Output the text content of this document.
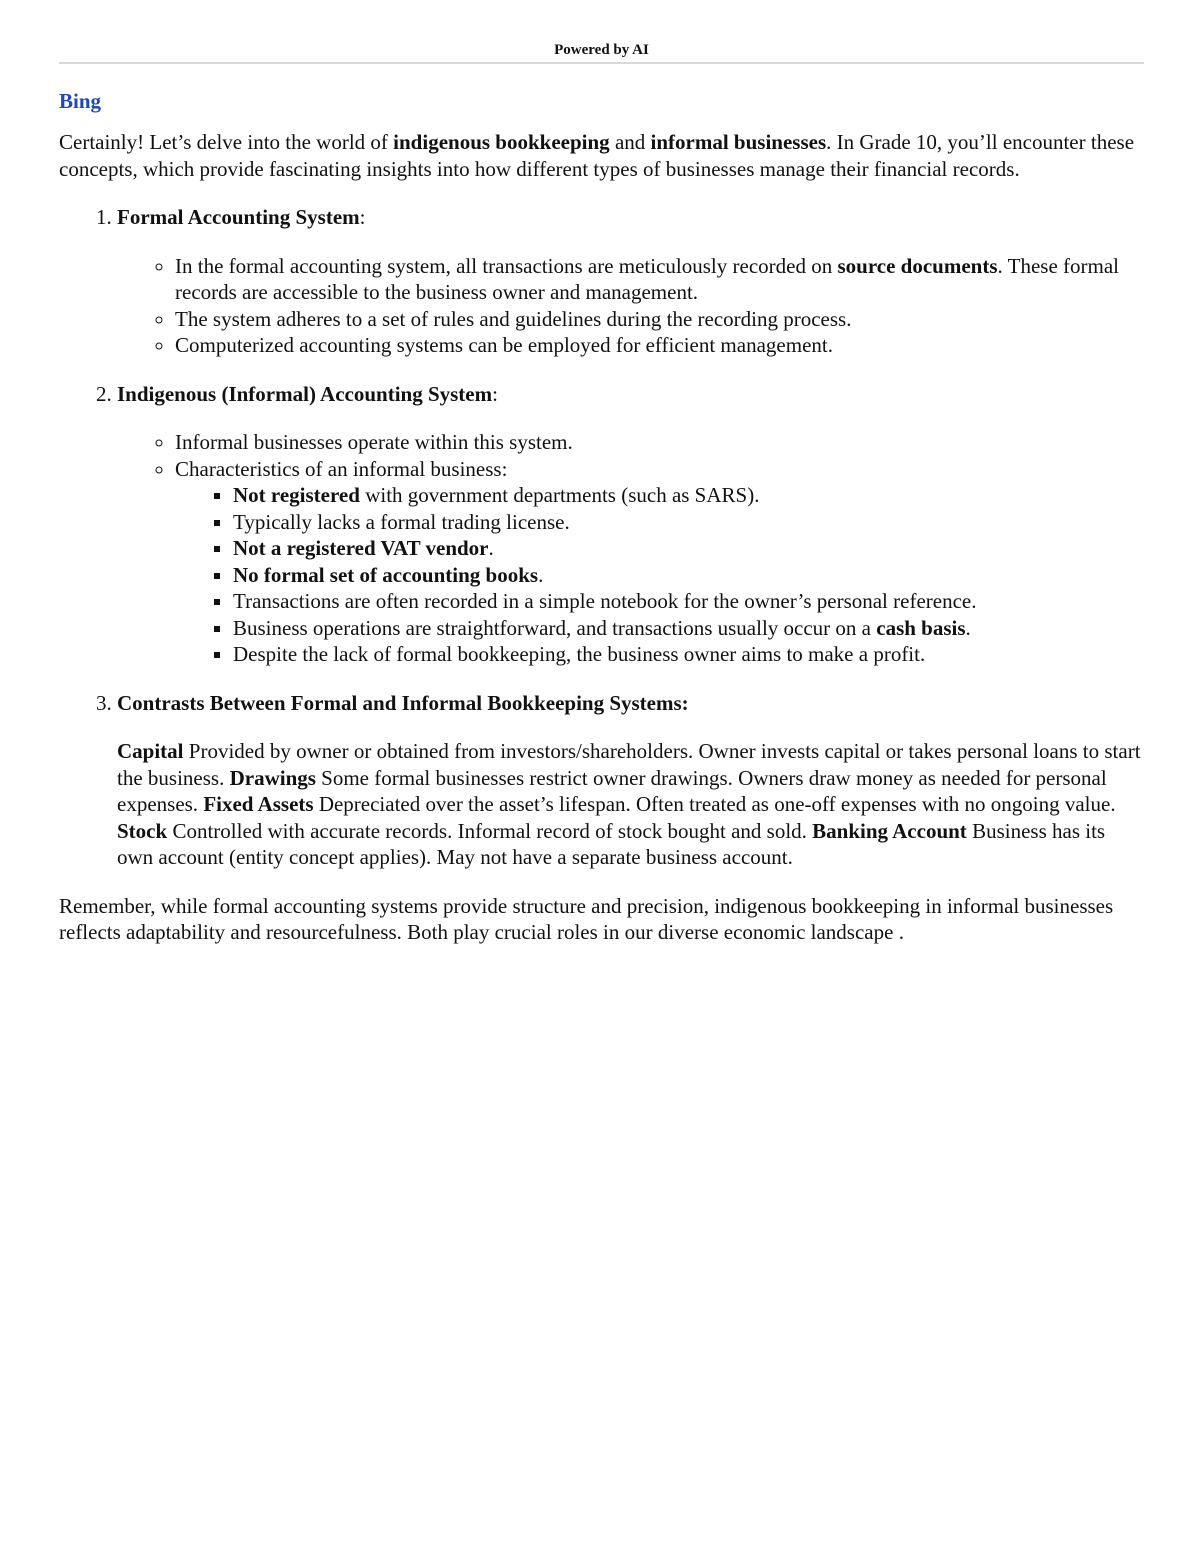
Powered by AI
Bing

Certainly! Let’s delve into the world of indigenous bookkeeping and informal businesses. In Grade 10, you’ll encounter these concepts, which provide fascinating insights into how different types of businesses manage their financial records.

1. Formal Accounting System:
◦ In the formal accounting system, all transactions are meticulously recorded on source documents. These formal records are accessible to the business owner and management.
◦ The system adheres to a set of rules and guidelines during the recording process.
◦ Computerized accounting systems can be employed for efficient management.
2. Indigenous (Informal) Accounting System:
◦ Informal businesses operate within this system.
◦ Characteristics of an informal business:
▪ Not registered with government departments (such as SARS).
▪ Typically lacks a formal trading license.
▪ Not a registered VAT vendor.
▪ No formal set of accounting books.
▪ Transactions are often recorded in a simple notebook for the owner’s personal reference.
▪ Business operations are straightforward, and transactions usually occur on a cash basis.
▪ Despite the lack of formal bookkeeping, the business owner aims to make a profit.
3. Contrasts Between Formal and Informal Bookkeeping Systems:

Capital Provided by owner or obtained from investors/shareholders. Owner invests capital or takes personal loans to start the business. Drawings Some formal businesses restrict owner drawings. Owners draw money as needed for personal expenses. Fixed Assets Depreciated over the asset’s lifespan. Often treated as one-off expenses with no ongoing value. Stock Controlled with accurate records. Informal record of stock bought and sold. Banking Account Business has its own account (entity concept applies). May not have a separate business account.

Remember, while formal accounting systems provide structure and precision, indigenous bookkeeping in informal businesses reflects adaptability and resourcefulness. Both play crucial roles in our diverse economic landscape .
